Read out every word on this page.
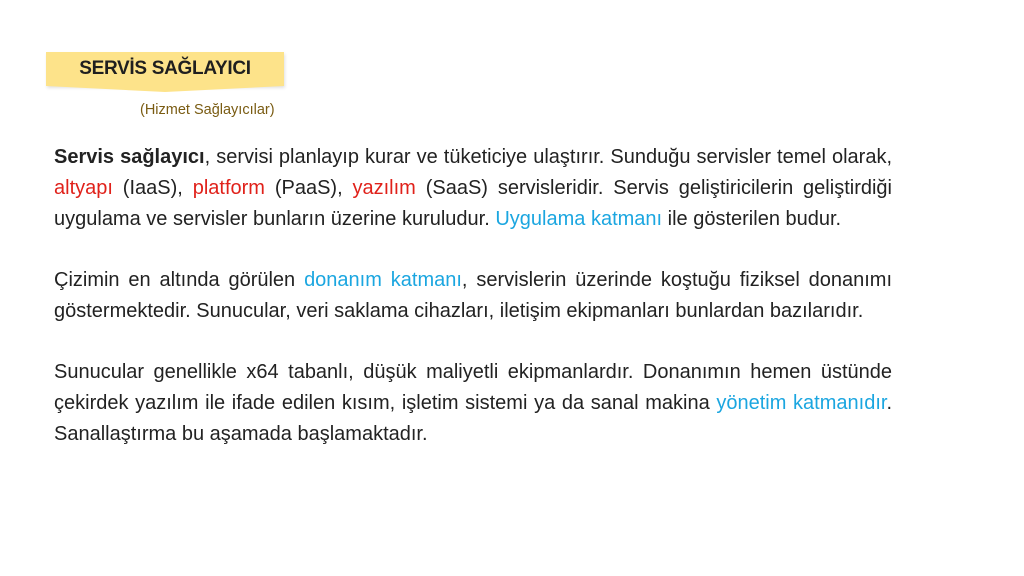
SERVİS SAĞLAYICI
(Hizmet Sağlayıcılar)

Servis sağlayıcı, servisi planlayıp kurar ve tüketiciye ulaştırır. Sunduğu servisler temel olarak, altyapı (IaaS), platform (PaaS), yazılım (SaaS) servisleridir. Servis geliştiricilerin geliştirdiği uygulama ve servisler bunların üzerine kuruludur. Uygulama katmanı ile gösterilen budur.

Çizimin en altında görülen donanım katmanı, servislerin üzerinde koştuğu fiziksel donanımı göstermektedir. Sunucular, veri saklama cihazları, iletişim ekipmanları bunlardan bazılarıdır.

Sunucular genellikle x64 tabanlı, düşük maliyetli ekipmanlardır. Donanımın hemen üstünde çekirdek yazılım ile ifade edilen kısım, işletim sistemi ya da sanal makina yönetim katmanıdır. Sanallaştırma bu aşamada başlamaktadır.
